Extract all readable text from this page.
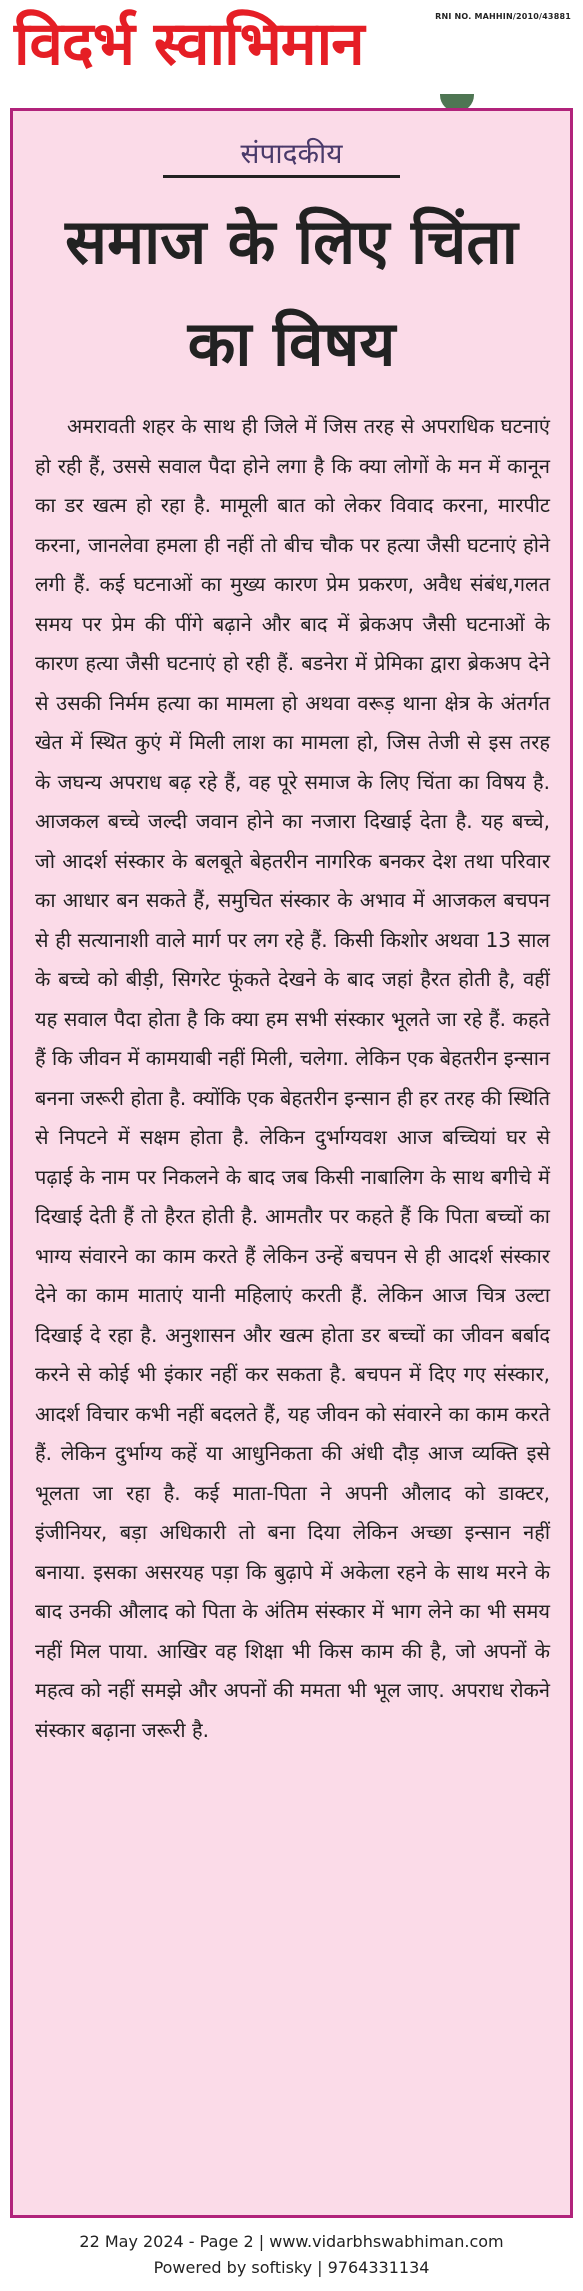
विदर्भ स्वाभिमान	RNI NO. MAHHIN/2010/43881
संपादकीय
समाज के लिए चिंता का विषय

अमरावती शहर के साथ ही जिले में जिस तरह से अपराधिक घटनाएं हो रही हैं, उससे सवाल पैदा होने लगा है कि क्या लोगों के मन में कानून का डर खत्म हो रहा है. मामूली बात को लेकर विवाद करना, मारपीट करना, जानलेवा हमला ही नहीं तो बीच चौक पर हत्या जैसी घटनाएं होने लगी हैं. कई घटनाओं का मुख्य कारण प्रेम प्रकरण, अवैध संबंध,गलत समय पर प्रेम की पींगे बढ़ाने और बाद में ब्रेकअप जैसी घटनाओं के कारण हत्या जैसी घटनाएं हो रही हैं. बडनेरा में प्रेमिका द्वारा ब्रेकअप देने से उसकी निर्मम हत्या का मामला हो अथवा वरूड़ थाना क्षेत्र के अंतर्गत खेत में स्थित कुएं में मिली लाश का मामला हो, जिस तेजी से इस तरह के जघन्य अपराध बढ़ रहे हैं, वह पूरे समाज के लिए चिंता का विषय है. आजकल बच्चे जल्दी जवान होने का नजारा दिखाई देता है. यह बच्चे, जो आदर्श संस्कार के बलबूते बेहतरीन नागरिक बनकर देश तथा परिवार का आधार बन सकते हैं, समुचित संस्कार के अभाव में आजकल बचपन से ही सत्यानाशी वाले मार्ग पर लग रहे हैं. किसी किशोर अथवा 13 साल के बच्चे को बीड़ी, सिगरेट फूंकते देखने के बाद जहां हैरत होती है, वहीं यह सवाल पैदा होता है कि क्या हम सभी संस्कार भूलते जा रहे हैं. कहते हैं कि जीवन में कामयाबी नहीं मिली, चलेगा. लेकिन एक बेहतरीन इन्सान बनना जरूरी होता है. क्योंकि एक बेहतरीन इन्सान ही हर तरह की स्थिति से निपटने में सक्षम होता है. लेकिन दुर्भाग्यवश आज बच्चियां घर से पढ़ाई के नाम पर निकलने के बाद जब किसी नाबालिग के साथ बगीचे में दिखाई देती हैं तो हैरत होती है. आमतौर पर कहते हैं कि पिता बच्चों का भाग्य संवारने का काम करते हैं लेकिन उन्हें बचपन से ही आदर्श संस्कार देने का काम माताएं यानी महिलाएं करती हैं. लेकिन आज चित्र उल्टा दिखाई दे रहा है. अनुशासन और खत्म होता डर बच्चों का जीवन बर्बाद करने से कोई भी इंकार नहीं कर सकता है. बचपन में दिए गए संस्कार, आदर्श विचार कभी नहीं बदलते हैं, यह जीवन को संवारने का काम करते हैं. लेकिन दुर्भाग्य कहें या आधुनिकता की अंधी दौड़ आज व्यक्ति इसे भूलता जा रहा है. कई माता-पिता ने अपनी औलाद को डाक्टर, इंजीनियर, बड़ा अधिकारी तो बना दिया लेकिन अच्छा इन्सान नहीं बनाया. इसका असरयह पड़ा कि बुढ़ापे में अकेला रहने के साथ मरने के बाद उनकी औलाद को पिता के अंतिम संस्कार में भाग लेने का भी समय नहीं मिल पाया. आखिर वह शिक्षा भी किस काम की है, जो अपनों के महत्व को नहीं समझे और अपनों की ममता भी भूल जाए. अपराध रोकने संस्कार बढ़ाना जरूरी है.

22 May 2024 - Page 2 | www.vidarbhswabhiman.com
Powered by softisky | 9764331134
